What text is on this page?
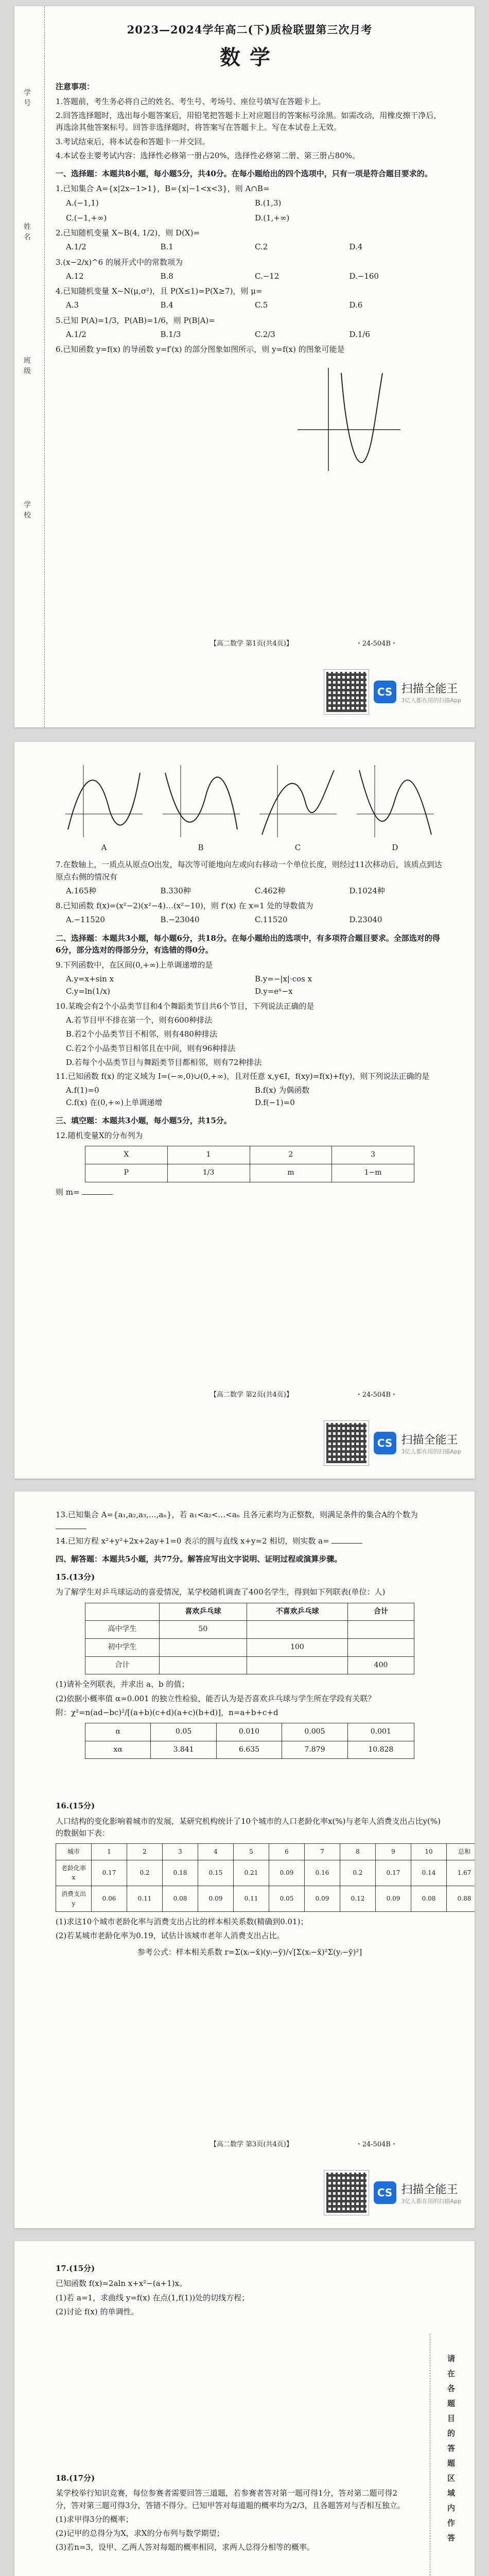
学号
姓名
班级
学校
2023—2024学年高二(下)质检联盟第三次月考
数学

注意事项：

1.答题前，考生务必将自己的姓名、考生号、考场号、座位号填写在答题卡上。

2.回答选择题时，选出每小题答案后，用铅笔把答题卡上对应题目的答案标号涂黑。如需改动，用橡皮擦干净后，再选涂其他答案标号。回答非选择题时，将答案写在答题卡上。写在本试卷上无效。

3.考试结束后，将本试卷和答题卡一并交回。

4.本试卷主要考试内容：选择性必修第一册占20%，选择性必修第二册、第三册占80%。

一、选择题：本题共8小题，每小题5分，共40分。在每小题给出的四个选项中，只有一项是符合题目要求的。

1.已知集合 A={x|2x−1>1}，B={x|−1<x<3}，则 A∩B=

A.(−1,1)	B.(1,3)
C.(−1,+∞)	D.(1,+∞)

2.已知随机变量 X~B(4, 1/2)，则 D(X)=

A.1/2	B.1	C.2	D.4

3.(x−2/x)^6 的展开式中的常数项为

A.12	B.8	C.−12	D.−160

4.已知随机变量 X~N(μ,σ²)，且 P(X≤1)=P(X≥7)，则 μ=

A.3	B.4	C.5	D.6

5.已知 P(A)=1/3，P(AB)=1/6，则 P(B|A)=

A.1/2	B.1/3	C.2/3	D.1/6

6.已知函数 y=f(x) 的导函数 y=f′(x) 的部分图象如图所示，则 y=f(x) 的图象可能是

【高二数学 第1页(共4页)】	・24-504B・
CS 扫描全能王
3亿人都在用的扫描App
A	B	C	D

7.在数轴上，一质点从原点O出发，每次等可能地向左或向右移动一个单位长度，则经过11次移动后，该质点到达原点右侧的情况有

A.165种	B.330种	C.462种	D.1024种

8.已知函数 f(x)=(x²−2)(x²−4)…(x²−10)，则 f′(x) 在 x=1 处的导数值为

A.−11520	B.−23040	C.11520	D.23040

二、选择题：本题共3小题，每小题6分，共18分。在每小题给出的选项中，有多项符合题目要求。全部选对的得6分，部分选对的得部分分，有选错的得0分。

9.下列函数中，在区间(0,+∞)上单调递增的是

A.y=x+sin x	B.y=−|x|·cos x
C.y=ln(1/x)	D.y=eˣ−x

10.某晚会有2个小品类节目和4个舞蹈类节目共6个节目，下列说法正确的是

A.若节目甲不排在第一个，则有600种排法

B.若2个小品类节目不相邻，则有480种排法

C.若2个小品类节目相邻且在中间，则有96种排法

D.若每个小品类节目与舞蹈类节目都相邻，则有72种排法

11.已知函数 f(x) 的定义域为 I=(−∞,0)∪(0,+∞)，且对任意 x,y∈I，f(xy)=f(x)+f(y)，则下列说法正确的是

A.f(1)=0	B.f(x) 为偶函数
C.f(x) 在(0,+∞)上单调递增	D.f(−1)=0

三、填空题：本题共3小题，每小题5分，共15分。

12.随机变量X的分布列为

X	1	2	3
P	1/3	m	1−m

则 m=

【高二数学 第2页(共4页)】	・24-504B・
CS 扫描全能王
3亿人都在用的扫描App

13.已知集合 A={a₁,a₂,a₃,…,aₙ}，若 a₁<a₂<…<aₙ 且各元素均为正整数，则满足条件的集合A的个数为

14.已知方程 x²+y²+2x+2ay+1=0 表示的圆与直线 x+y=2 相切，则实数 a=

四、解答题：本题共5小题，共77分。解答应写出文字说明、证明过程或演算步骤。

15.(13分)

为了解学生对乒乓球运动的喜爱情况，某学校随机调查了400名学生，得到如下列联表(单位：人)

	喜欢乒乓球	不喜欢乒乓球	合计
高中学生	50		
初中学生		100	
合计			400

(1)请补全列联表，并求出 a、b 的值；

(2)依据小概率值 α=0.001 的独立性检验，能否认为是否喜欢乒乓球与学生所在学段有关联？

附：χ²=n(ad−bc)²/[(a+b)(c+d)(a+c)(b+d)]，n=a+b+c+d

α	0.05	0.010	0.005	0.001
xα	3.841	6.635	7.879	10.828

16.(15分)

人口结构的变化影响着城市的发展，某研究机构统计了10个城市的人口老龄化率x(%)与老年人消费支出占比y(%)的数据如下表：

城市	1	2	3	4	5	6	7	8	9	10	总和
老龄化率x	0.17	0.2	0.18	0.15	0.21	0.09	0.16	0.2	0.17	0.14	1.67
消费支出y	0.06	0.11	0.08	0.09	0.11	0.05	0.09	0.12	0.09	0.08	0.88

(1)求这10个城市老龄化率与消费支出占比的样本相关系数(精确到0.01)；

(2)若某城市老龄化率为0.19，试估计该城市老年人消费支出占比。

参考公式：样本相关系数 r=Σ(xᵢ−x̄)(yᵢ−ȳ)/√[Σ(xᵢ−x̄)²Σ(yᵢ−ȳ)²]

【高二数学 第3页(共4页)】	・24-504B・
CS 扫描全能王
3亿人都在用的扫描App
请在各题目的答题区域内作答

17.(15分)

已知函数 f(x)=2aln x+x²−(a+1)x。

(1)若 a=1，求曲线 y=f(x) 在点(1,f(1))处的切线方程；

(2)讨论 f(x) 的单调性。

18.(17分)

某学校举行知识竞赛，每位参赛者需要回答三道题，若参赛者答对第一题可得1分，答对第二题可得2分，答对第三题可得3分，答错不得分。已知甲答对每道题的概率均为2/3，且各题答对与否相互独立。

(1)求甲得3分的概率；

(2)记甲的总得分为X，求X的分布列与数学期望；

(3)若n=3，设甲、乙两人答对每题的概率相同，求两人总得分相等的概率。
